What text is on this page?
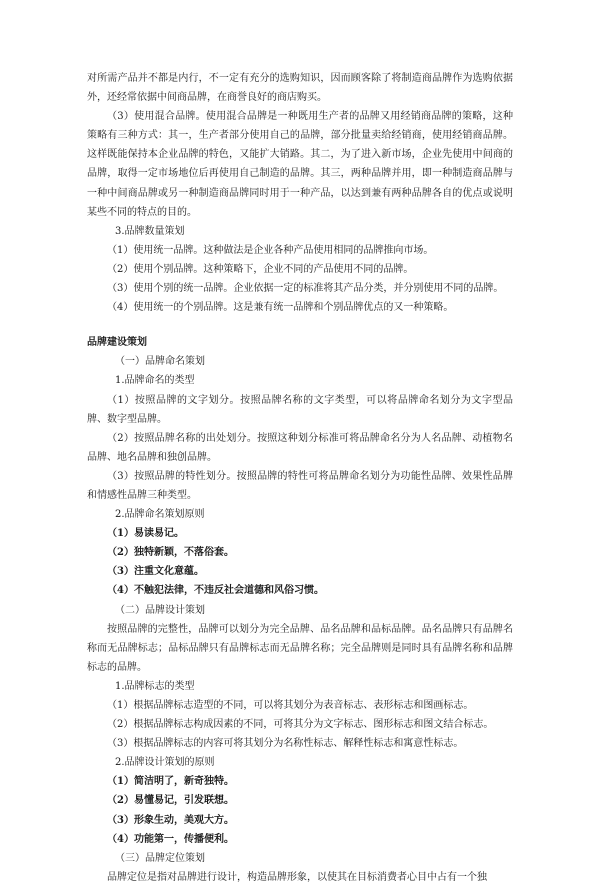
对所需产品并不都是内行，不一定有充分的选购知识，因而顾客除了将制造商品牌作为选购依据外，还经常依据中间商品牌，在商誉良好的商店购买。

（3）使用混合品牌。使用混合品牌是一种既用生产者的品牌又用经销商品牌的策略，这种策略有三种方式：其一，生产者部分使用自己的品牌，部分批量卖给经销商，使用经销商品牌。这样既能保持本企业品牌的特色，又能扩大销路。其二，为了进入新市场，企业先使用中间商的品牌，取得一定市场地位后再使用自己制造的品牌。其三，两种品牌并用，即一种制造商品牌与一种中间商品牌或另一种制造商品牌同时用于一种产品，以达到兼有两种品牌各自的优点或说明某些不同的特点的目的。

3.品牌数量策划

（1）使用统一品牌。这种做法是企业各种产品使用相同的品牌推向市场。

（2）使用个别品牌。这种策略下，企业不同的产品使用不同的品牌。

（3）使用个别的统一品牌。企业依据一定的标准将其产品分类，并分别使用不同的品牌。

（4）使用统一的个别品牌。这是兼有统一品牌和个别品牌优点的又一种策略。

品牌建设策划

（一）品牌命名策划

1.品牌命名的类型

（1）按照品牌的文字划分。按照品牌名称的文字类型，可以将品牌命名划分为文字型品牌、数字型品牌。

（2）按照品牌名称的出处划分。按照这种划分标准可将品牌命名分为人名品牌、动植物名品牌、地名品牌和独创品牌。

（3）按照品牌的特性划分。按照品牌的特性可将品牌命名划分为功能性品牌、效果性品牌和情感性品牌三种类型。

2.品牌命名策划原则

（1）易读易记。

（2）独特新颖，不落俗套。

（3）注重文化意蕴。

（4）不触犯法律，不违反社会道德和风俗习惯。

（二）品牌设计策划

按照品牌的完整性，品牌可以划分为完全品牌、品名品牌和品标品牌。品名品牌只有品牌名称而无品牌标志；品标品牌只有品牌标志而无品牌名称；完全品牌则是同时具有品牌名称和品牌标志的品牌。

1.品牌标志的类型

（1）根据品牌标志造型的不同，可以将其划分为表音标志、表形标志和图画标志。

（2）根据品牌标志构成因素的不同，可将其分为文字标志、图形标志和图文结合标志。

（3）根据品牌标志的内容可将其划分为名称性标志、解释性标志和寓意性标志。

2.品牌设计策划的原则

（1）简洁明了，新奇独特。

（2）易懂易记，引发联想。

（3）形象生动，美观大方。

（4）功能第一，传播便利。

（三）品牌定位策划

品牌定位是指对品牌进行设计，构造品牌形象，以使其在目标消费者心目中占有一个独
